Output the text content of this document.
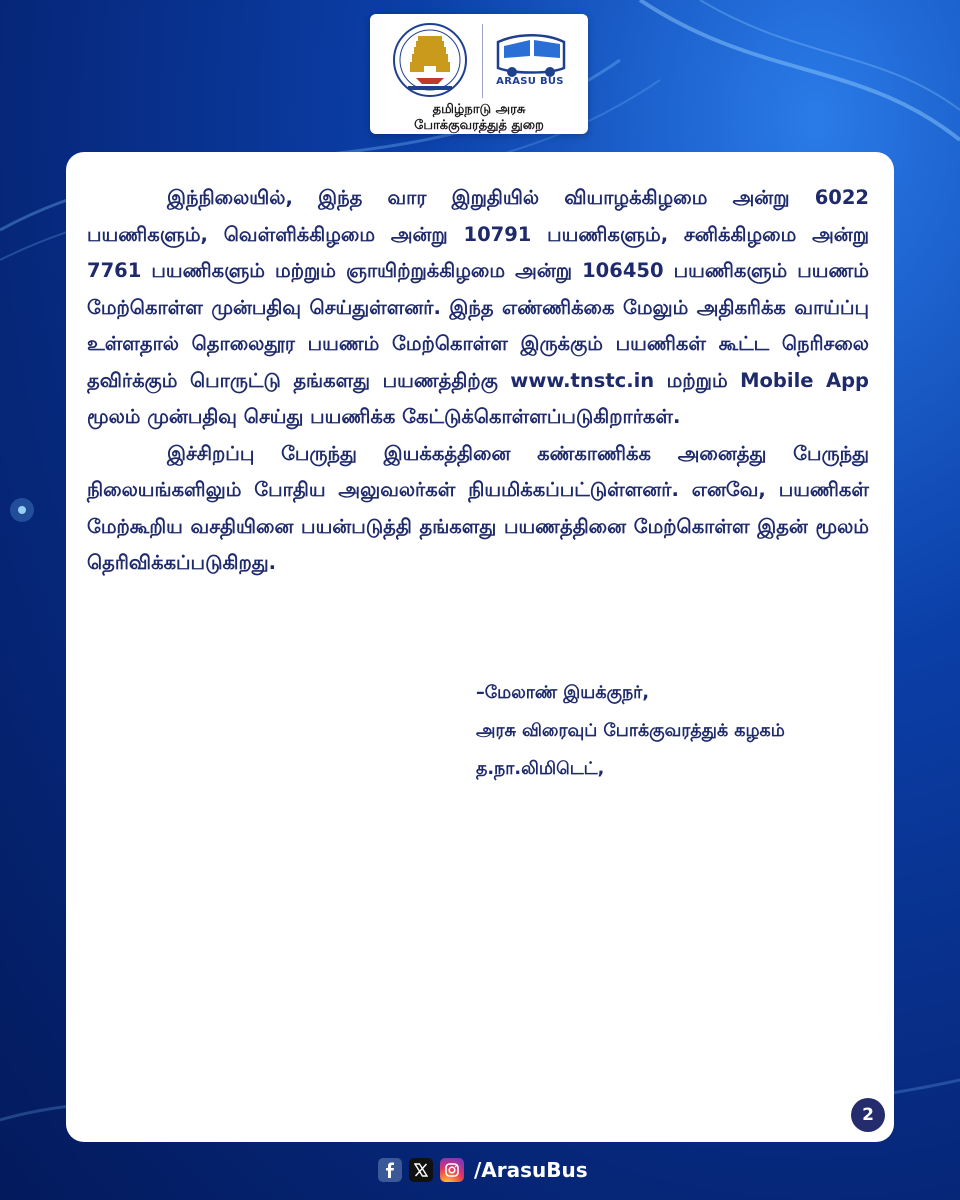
ARASU BUS
தமிழ்நாடு அரசு
போக்குவரத்துத் துறை

இந்நிலையில், இந்த வார இறுதியில் வியாழக்கிழமை அன்று 6022 பயணிகளும், வெள்ளிக்கிழமை அன்று 10791 பயணிகளும், சனிக்கிழமை அன்று 7761 பயணிகளும் மற்றும் ஞாயிற்றுக்கிழமை அன்று 106450 பயணிகளும் பயணம் மேற்கொள்ள முன்பதிவு செய்துள்ளனர். இந்த எண்ணிக்கை மேலும் அதிகரிக்க வாய்ப்பு உள்ளதால் தொலைதூர பயணம் மேற்கொள்ள இருக்கும் பயணிகள் கூட்ட நெரிசலை தவிர்க்கும் பொருட்டு தங்களது பயணத்திற்கு www.tnstc.in மற்றும் Mobile App மூலம் முன்பதிவு செய்து பயணிக்க கேட்டுக்கொள்ளப்படுகிறார்கள்.

இச்சிறப்பு பேருந்து இயக்கத்தினை கண்காணிக்க அனைத்து பேருந்து நிலையங்களிலும் போதிய அலுவலர்கள் நியமிக்கப்பட்டுள்ளனர். எனவே, பயணிகள் மேற்கூறிய வசதியினை பயன்படுத்தி தங்களது பயணத்தினை மேற்கொள்ள இதன் மூலம் தெரிவிக்கப்படுகிறது.

–மேலாண் இயக்குநர்,
அரசு விரைவுப் போக்குவரத்துக் கழகம்
த.நா.லிமிடெட்,
2
/ArasuBus
